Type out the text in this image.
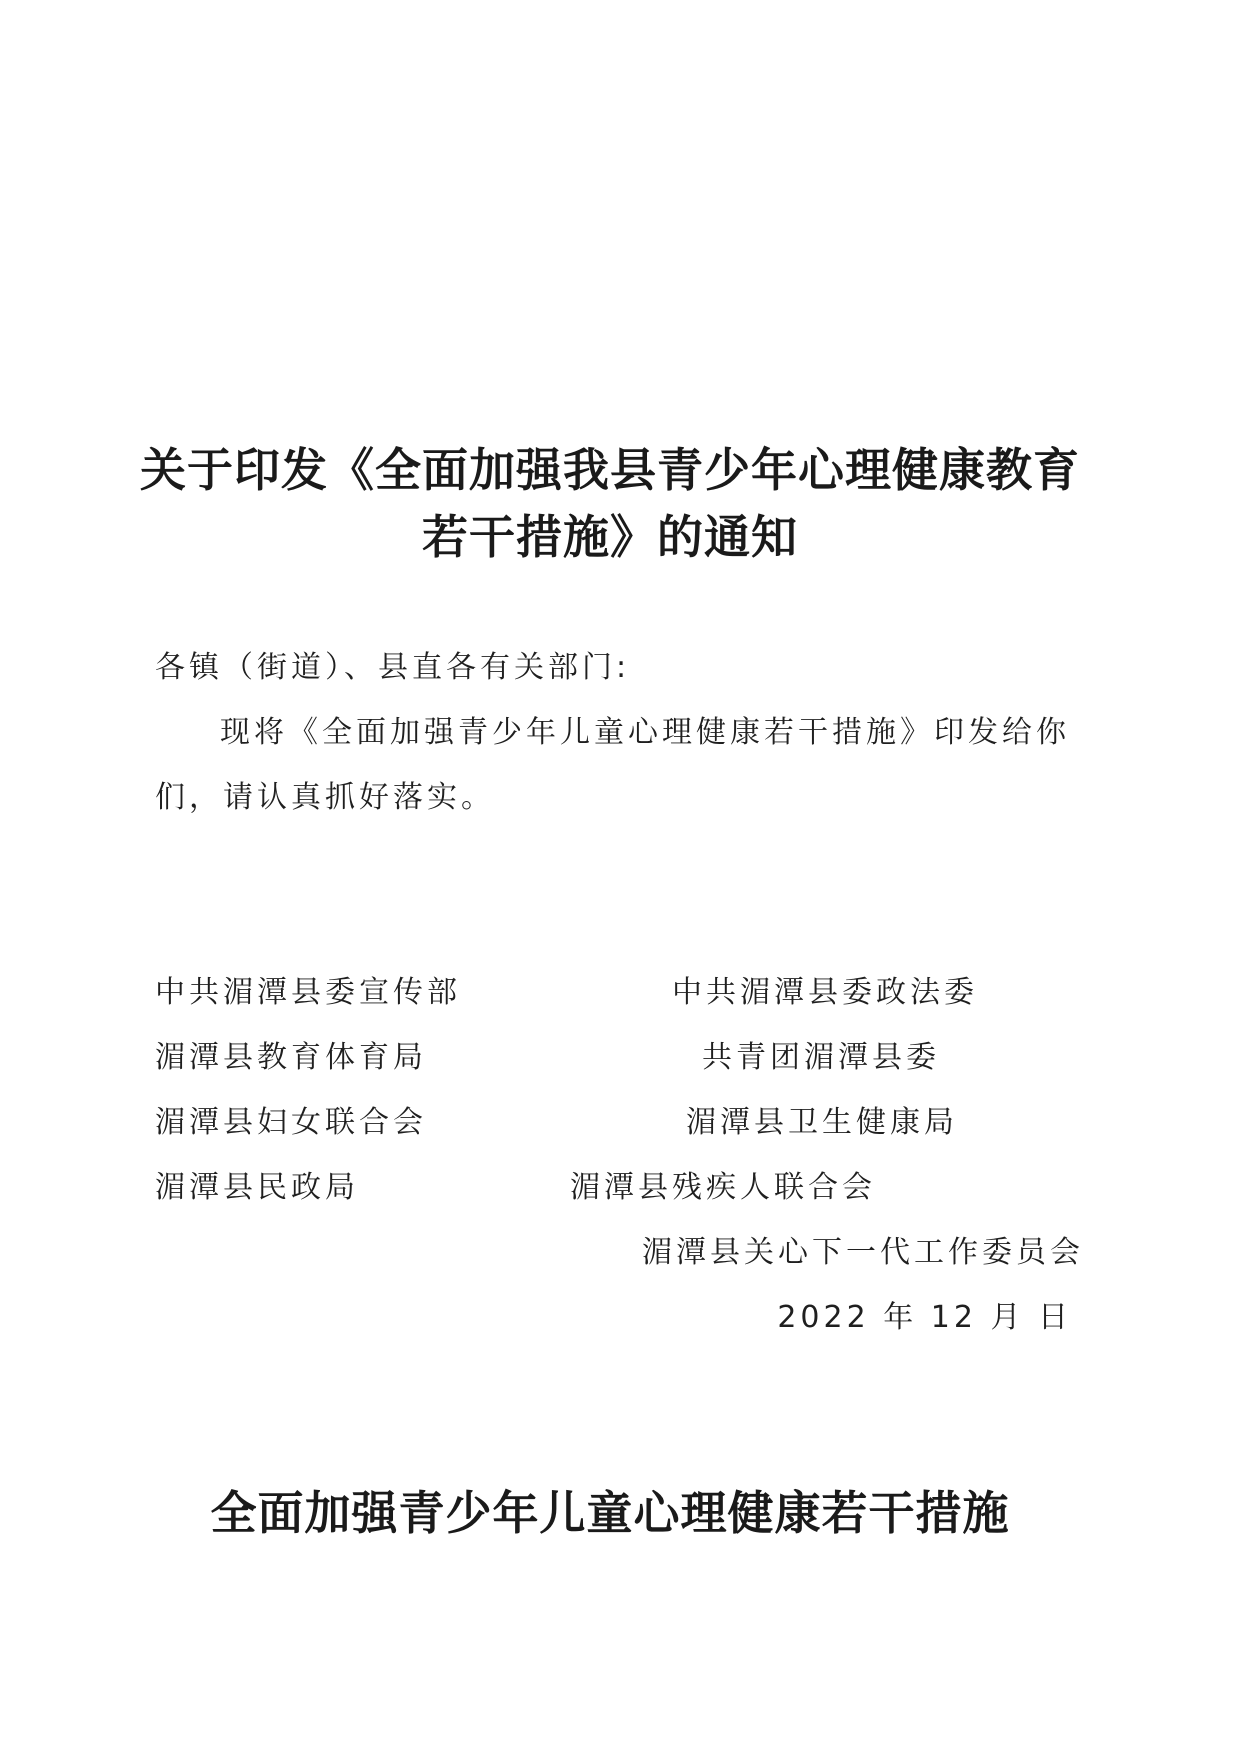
关于印发《全面加强我县青少年心理健康教育
若干措施》的通知
各镇（街道）、县直各有关部门:
现将《全面加强青少年儿童心理健康若干措施》印发给你
们，请认真抓好落实。
中共湄潭县委宣传部	中共湄潭县委政法委
湄潭县教育体育局	共青团湄潭县委
湄潭县妇女联合会	湄潭县卫生健康局
湄潭县民政局	湄潭县残疾人联合会
湄潭县关心下一代工作委员会
2022 年 12 月 日
全面加强青少年儿童心理健康若干措施
